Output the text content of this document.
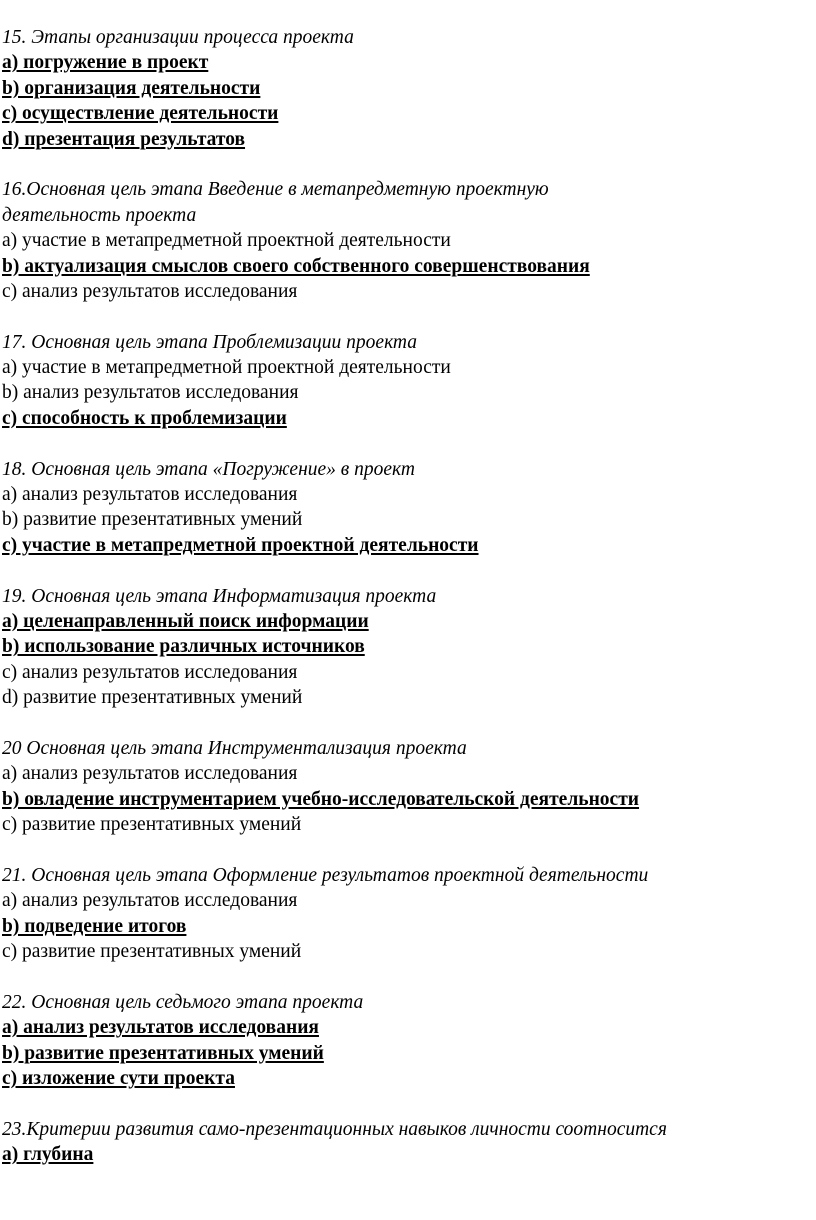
15. Этапы организации процесса проекта

a) погружение в проект

b) организация деятельности

c) осуществление деятельности

d) презентация результатов

16.Основная цель этапа Введение в метапредметную проектную

деятельность проекта

а) участие в метапредметной проектной деятельности

b) актуализация смыслов своего собственного совершенствования

c) анализ результатов исследования

17. Основная цель этапа Проблемизации проекта

а) участие в метапредметной проектной деятельности

b) анализ результатов исследования

c) способность к проблемизации

18. Основная цель этапа «Погружение» в проект

а) анализ результатов исследования

b) развитие презентативных умений

c) участие в метапредметной проектной деятельности

19. Основная цель этапа Информатизация проекта

a) целенаправленный поиск информации

b) использование различных источников

c) анализ результатов исследования

d) развитие презентативных умений

20 Основная цель этапа Инструментализация проекта

а) анализ результатов исследования

b) овладение инструментарием учебно-исследовательской деятельности

c) развитие презентативных умений

21. Основная цель этапа Оформление результатов проектной деятельности

а) анализ результатов исследования

b) подведение итогов

c) развитие презентативных умений

22. Основная цель седьмого этапа проекта

а) анализ результатов исследования

b) развитие презентативных умений

c) изложение сути проекта

23.Критерии развития само-презентационных навыков личности соотносится

а) глубина
